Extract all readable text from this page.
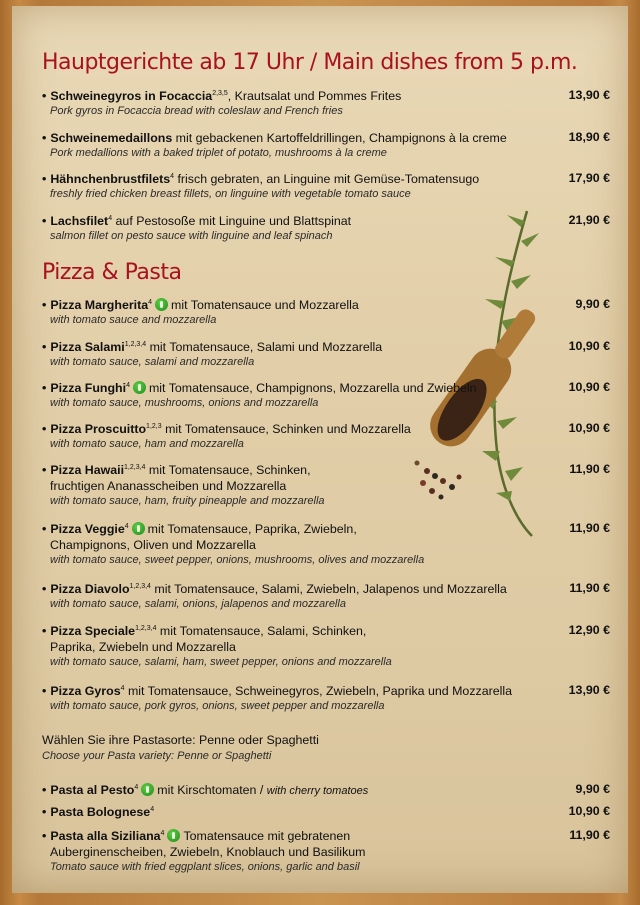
Hauptgerichte ab 17 Uhr / Main dishes from 5 p.m.
• Schweinegyros in Focaccia$^{2,3,5}$, Krautsalat und Pommes Frites
Pork gyros in Focaccia bread with coleslaw and French fries
13,90 €
• Schweinemedaillons mit gebackenen Kartoffeldrillingen, Champignons à la creme
Pork medallions with a baked triplet of potato, mushrooms à la creme
18,90 €
• Hähnchenbrustfilets$^4$ frisch gebraten, an Linguine mit Gemüse-Tomatensugo
freshly fried chicken breast fillets, on linguine with vegetable tomato sauce
17,90 €
• Lachsfilet$^4$ auf Pestosoße mit Linguine und Blattspinat
salmon fillet on pesto sauce with linguine and leaf spinach
21,90 €
Pizza & Pasta
• Pizza Margherita$^4$ mit Tomatensauce und Mozzarella
with tomato sauce and mozzarella
9,90 €
• Pizza Salami$^{1,2,3,4}$ mit Tomatensauce, Salami und Mozzarella
with tomato sauce, salami and mozzarella
10,90 €
• Pizza Funghi$^4$ mit Tomatensauce, Champignons, Mozzarella und Zwiebeln
with tomato sauce, mushrooms, onions and mozzarella
10,90 €
• Pizza Proscuitto$^{1,2,3}$ mit Tomatensauce, Schinken und Mozzarella
with tomato sauce, ham and mozzarella
10,90 €
• Pizza Hawaii$^{1,2,3,4}$ mit Tomatensauce, Schinken,
fruchtigen Ananasscheiben und Mozzarella
with tomato sauce, ham, fruity pineapple and mozzarella
11,90 €
• Pizza Veggie$^4$ mit Tomatensauce, Paprika, Zwiebeln,
Champignons, Oliven und Mozzarella
with tomato sauce, sweet pepper, onions, mushrooms, olives and mozzarella
11,90 €
• Pizza Diavolo$^{1,2,3,4}$ mit Tomatensauce, Salami, Zwiebeln, Jalapenos und Mozzarella
with tomato sauce, salami, onions, jalapenos and mozzarella
11,90 €
• Pizza Speciale$^{1,2,3,4}$ mit Tomatensauce, Salami, Schinken,
Paprika, Zwiebeln und Mozzarella
with tomato sauce, salami, ham, sweet pepper, onions and mozzarella
12,90 €
• Pizza Gyros$^4$ mit Tomatensauce, Schweinegyros, Zwiebeln, Paprika und Mozzarella
with tomato sauce, pork gyros, onions, sweet pepper and mozzarella
13,90 €
Wählen Sie ihre Pastasorte: Penne oder Spaghetti
Choose your Pasta variety: Penne or Spaghetti
• Pasta al Pesto$^4$ mit Kirschtomaten / with cherry tomatoes	9,90 €
• Pasta Bolognese$^4$	10,90 €
• Pasta alla Siziliana$^4$ Tomatensauce mit gebratenen
Auberginenscheiben, Zwiebeln, Knoblauch und Basilikum
Tomato sauce with fried eggplant slices, onions, garlic and basil
11,90 €
